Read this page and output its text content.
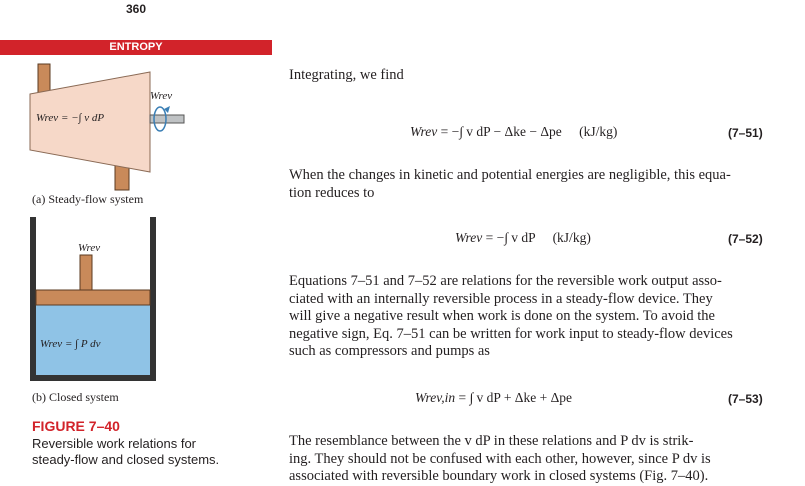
360
ENTROPY
Wrev
Wrev = −∫ v dP
(a) Steady-flow system
Wrev
Wrev = ∫ P dv
(b) Closed system
FIGURE 7–40
Reversible work relations for
steady-flow and closed systems.
Integrating, we find
Wrev = −∫ v dP − Δke − Δpe (kJ/kg)	(7–51)
When the changes in kinetic and potential energies are negligible, this equa-
tion reduces to
Wrev = −∫ v dP (kJ/kg)	(7–52)
Equations 7–51 and 7–52 are relations for the reversible work output asso-
ciated with an internally reversible process in a steady-flow device. They
will give a negative result when work is done on the system. To avoid the
negative sign, Eq. 7–51 can be written for work input to steady-flow devices
such as compressors and pumps as
Wrev,in = ∫ v dP + Δke + Δpe	(7–53)
The resemblance between the v dP in these relations and P dv is strik-
ing. They should not be confused with each other, however, since P dv is
associated with reversible boundary work in closed systems (Fig. 7–40).
